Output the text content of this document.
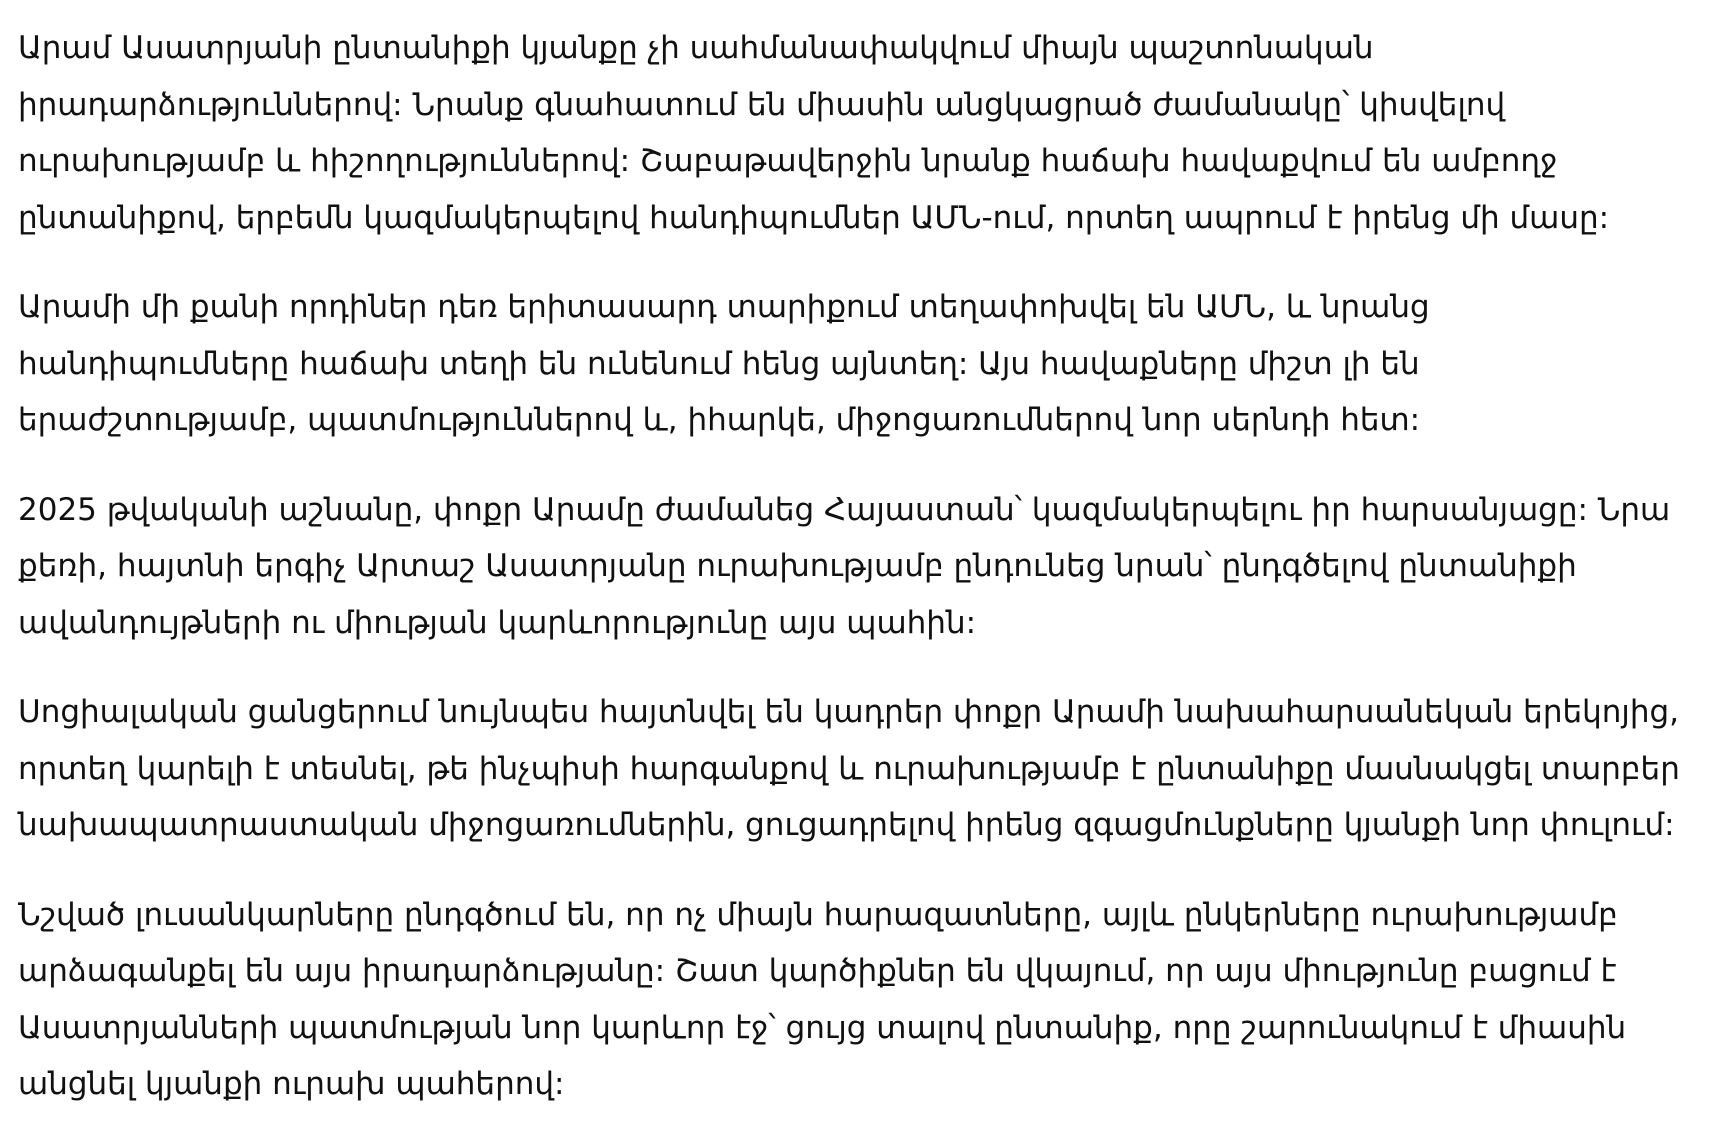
Արամ Ասատրյանի ընտանիքի կյանքը չի սահմանափակվում միայն պաշտոնական
իրադարձություններով: Նրանք գնահատում են միասին անցկացրած ժամանակը՝ կիսվելով
ուրախությամբ և հիշողություններով: Շաբաթավերջին նրանք հաճախ հավաքվում են ամբողջ
ընտանիքով, երբեմն կազմակերպելով հանդիպումներ ԱՄՆ-ում, որտեղ ապրում է իրենց մի մասը:

Արամի մի քանի որդիներ դեռ երիտասարդ տարիքում տեղափոխվել են ԱՄՆ, և նրանց
հանդիպումները հաճախ տեղի են ունենում հենց այնտեղ: Այս հավաքները միշտ լի են
երաժշտությամբ, պատմություններով և, իհարկե, միջոցառումներով նոր սերնդի հետ:

2025 թվականի աշնանը, փոքր Արամը ժամանեց Հայաստան՝ կազմակերպելու իր հարսանյացը: Նրա
քեռի, հայտնի երգիչ Արտաշ Ասատրյանը ուրախությամբ ընդունեց նրան՝ ընդգծելով ընտանիքի
ավանդույթների ու միության կարևորությունը այս պահին:

Սոցիալական ցանցերում նույնպես հայտնվել են կադրեր փոքր Արամի նախահարսանեկան երեկոյից,
որտեղ կարելի է տեսնել, թե ինչպիսի հարգանքով և ուրախությամբ է ընտանիքը մասնակցել տարբեր
նախապատրաստական միջոցառումներին, ցուցադրելով իրենց զգացմունքները կյանքի նոր փուլում:

Նշված լուսանկարները ընդգծում են, որ ոչ միայն հարազատները, այլև ընկերները ուրախությամբ
արձագանքել են այս իրադարձությանը: Շատ կարծիքներ են վկայում, որ այս միությունը բացում է
Ասատրյանների պատմության նոր կարևոր էջ՝ ցույց տալով ընտանիք, որը շարունակում է միասին
անցնել կյանքի ուրախ պահերով:
